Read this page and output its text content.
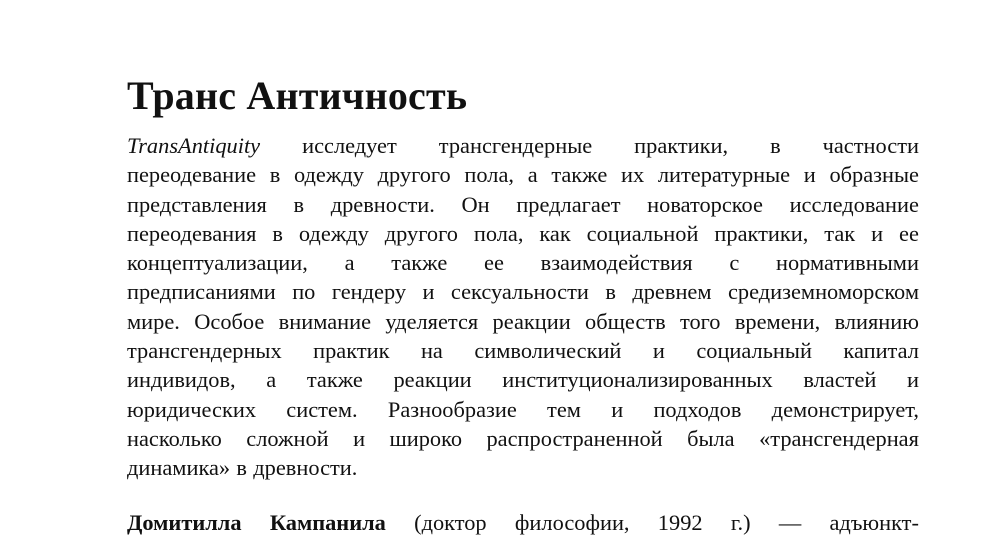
Транс Античность
TransAntiquity исследует трансгендерные практики, в частности
переодевание в одежду другого пола, а также их литературные и образные
представления в древности. Он предлагает новаторское исследование
переодевания в одежду другого пола, как социальной практики, так и ее
концептуализации, а также ее взаимодействия с нормативными
предписаниями по гендеру и сексуальности в древнем средиземноморском
мире. Особое внимание уделяется реакции обществ того времени, влиянию
трансгендерных практик на символический и социальный капитал
индивидов, а также реакции институционализированных властей и
юридических систем. Разнообразие тем и подходов демонстрирует,
насколько сложной и широко распространенной была «трансгендерная
динамика» в древности.
Домитилла Кампанила (доктор философии, 1992 г.) — адъюнкт-
